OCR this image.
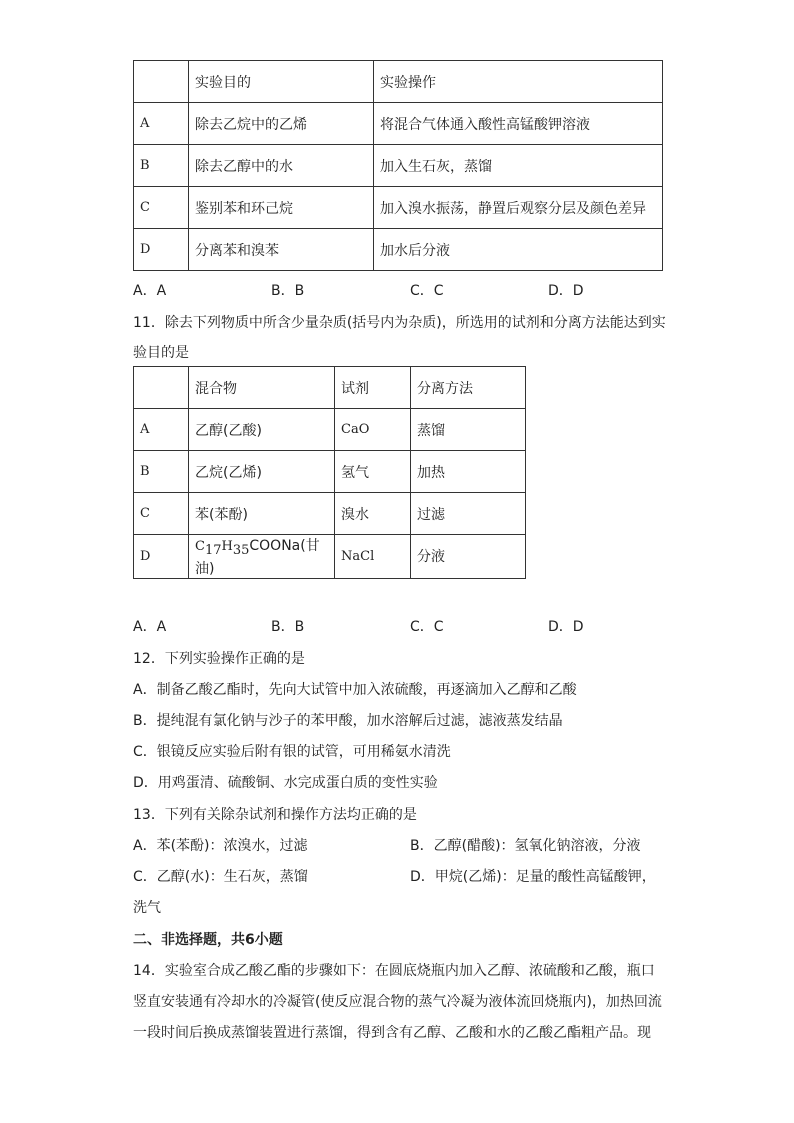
	实验目的	实验操作
A	除去乙烷中的乙烯	将混合气体通入酸性高锰酸钾溶液
B	除去乙醇中的水	加入生石灰，蒸馏
C	鉴别苯和环己烷	加入溴水振荡，静置后观察分层及颜色差异
D	分离苯和溴苯	加水后分液
A．A	B．B	C．C	D．D
11．除去下列物质中所含少量杂质(括号内为杂质)，所选用的试剂和分离方法能达到实
验目的是
	混合物	试剂	分离方法
A	乙醇(乙酸)	CaO	蒸馏
B	乙烷(乙烯)	氢气	加热
C	苯(苯酚)	溴水	过滤
D	$C_{17}H_{35}COONa$(甘油)	NaCl	分液
A．A	B．B	C．C	D．D
12．下列实验操作正确的是
A．制备乙酸乙酯时，先向大试管中加入浓硫酸，再逐滴加入乙醇和乙酸
B．提纯混有氯化钠与沙子的苯甲酸，加水溶解后过滤，滤液蒸发结晶
C．银镜反应实验后附有银的试管，可用稀氨水清洗
D．用鸡蛋清、硫酸铜、水完成蛋白质的变性实验
13．下列有关除杂试剂和操作方法均正确的是
A．苯(苯酚)：浓溴水，过滤	B．乙醇(醋酸)：氢氧化钠溶液，分液
C．乙醇(水)：生石灰，蒸馏	D．甲烷(乙烯)：足量的酸性高锰酸钾，
洗气
二、非选择题，共6小题
14．实验室合成乙酸乙酯的步骤如下：在圆底烧瓶内加入乙醇、浓硫酸和乙酸，瓶口
竖直安装通有冷却水的冷凝管(使反应混合物的蒸气冷凝为液体流回烧瓶内)，加热回流
一段时间后换成蒸馏装置进行蒸馏，得到含有乙醇、乙酸和水的乙酸乙酯粗产品。现
